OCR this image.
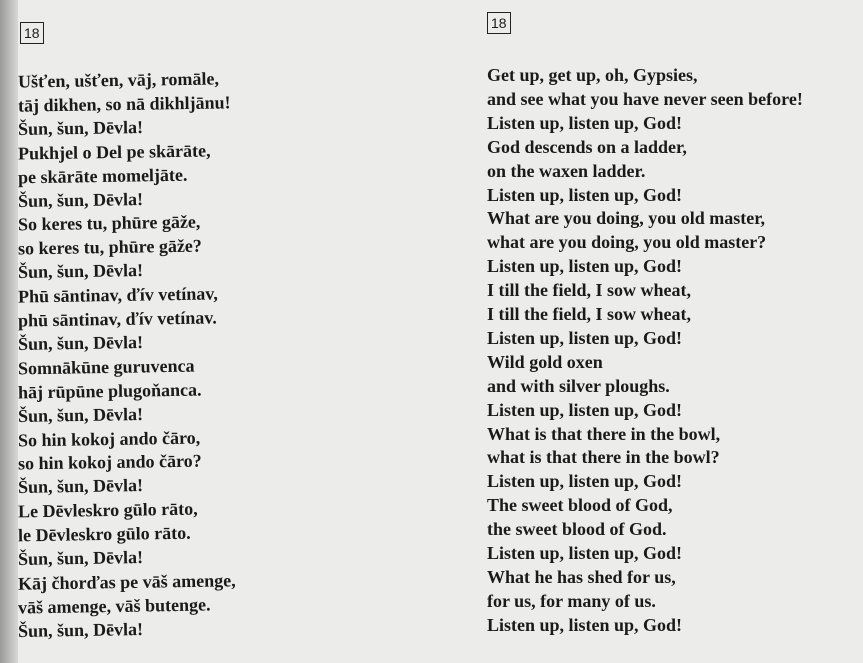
18
Ušťen, ušťen, vāj, romāle,
tāj dikhen, so nā dikhljānu!
Šun, šun, Dēvla!
Pukhjel o Del pe skārāte,
pe skārāte momeljāte.
Šun, šun, Dēvla!
So keres tu, phūre gāže,
so keres tu, phūre gāže?
Šun, šun, Dēvla!
Phū sāntinav, ďív vetínav,
phū sāntinav, ďív vetínav.
Šun, šun, Dēvla!
Somnākūne guruvenca
hāj rūpūne plugoňanca.
Šun, šun, Dēvla!
So hin kokoj ando čāro,
so hin kokoj ando čāro?
Šun, šun, Dēvla!
Le Dēvleskro gūlo rāto,
le Dēvleskro gūlo rāto.
Šun, šun, Dēvla!
Kāj čhorďas pe vāš amenge,
vāš amenge, vāš butenge.
Šun, šun, Dēvla!
18
Get up, get up, oh, Gypsies,
and see what you have never seen before!
Listen up, listen up, God!
God descends on a ladder,
on the waxen ladder.
Listen up, listen up, God!
What are you doing, you old master,
what are you doing, you old master?
Listen up, listen up, God!
I till the field, I sow wheat,
I till the field, I sow wheat,
Listen up, listen up, God!
Wild gold oxen
and with silver ploughs.
Listen up, listen up, God!
What is that there in the bowl,
what is that there in the bowl?
Listen up, listen up, God!
The sweet blood of God,
the sweet blood of God.
Listen up, listen up, God!
What he has shed for us,
for us, for many of us.
Listen up, listen up, God!
